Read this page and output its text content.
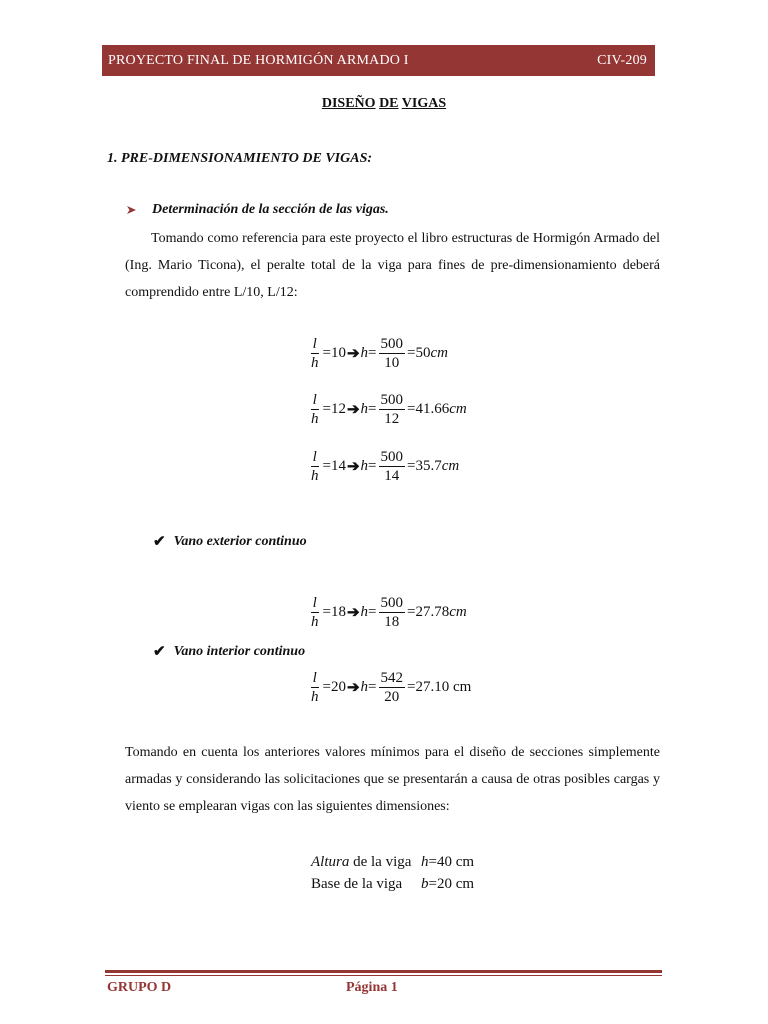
PROYECTO FINAL DE HORMIGÓN ARMADO I	CIV-209
DISEÑO DE VIGAS
1. PRE-DIMENSIONAMIENTO DE VIGAS:
Determinación de la sección de las vigas.
Tomando como referencia para este proyecto el libro estructuras de Hormigón Armado del (Ing. Mario Ticona), el peralte total de la viga para fines de pre-dimensionamiento deberá comprendido entre L/10, L/12:
$\frac{l}{h} = 10$ ➔ $h = \frac{500}{10} = 50$ cm
$\frac{l}{h} = 12$ ➔ $h = \frac{500}{12} = 41.66$ cm
$\frac{l}{h} = 14$ ➔ $h = \frac{500}{14} = 35.7$ cm
✔ Vano exterior continuo
$\frac{l}{h} = 18$ ➔ $h = \frac{500}{18} = 27.78$ cm
✔ Vano interior continuo
$\frac{l}{h} = 20$ ➔ $h = \frac{542}{20} = 27.10$
cm
Tomando en cuenta los anteriores valores mínimos para el diseño de secciones simplemente armadas y considerando las solicitaciones que se presentarán a causa de otras posibles cargas y viento se emplearan vigas con las siguientes dimensiones:
Altura de la viga h=40 cm
Base de la viga	b=20 cm
GRUPO D	Página 1
